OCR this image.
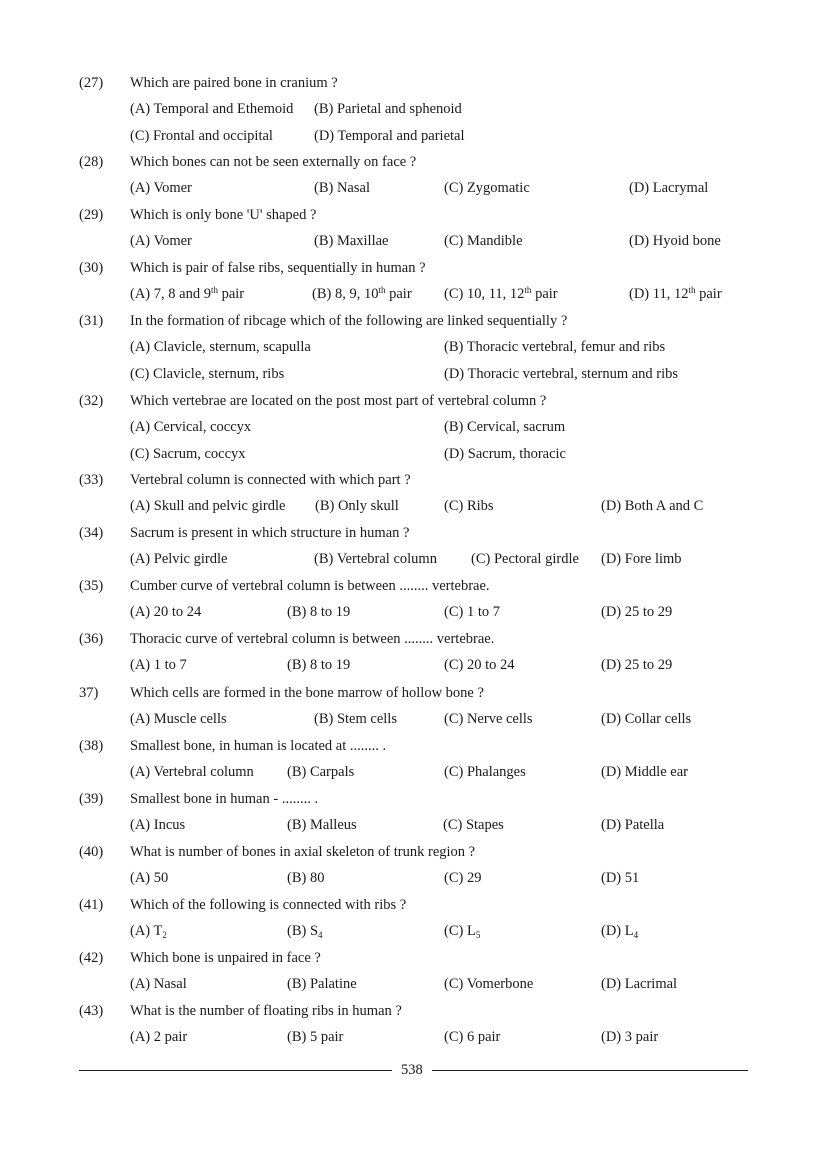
(27) Which are paired bone in cranium ?
(A) Temporal and Ethemoid (B) Parietal and sphenoid
(C) Frontal and occipital	(D) Temporal and parietal
(28) Which bones can not be seen externally on face ?
(A) Vomer	(B) Nasal	(C) Zygomatic	(D) Lacrymal
(29) Which is only bone 'U' shaped ?
(A) Vomer	(B) Maxillae	(C) Mandible	(D) Hyoid bone
(30) Which is pair of false ribs, sequentially in human ?
(A) 7, 8 and 9th pair	(B) 8, 9, 10th pair (C) 10, 11, 12th pair	(D) 11, 12th pair
(31) In the formation of ribcage which of the following are linked sequentially ?
(A) Clavicle, sternum, scapulla	(B) Thoracic vertebral, femur and ribs
(C) Clavicle, sternum, ribs	(D) Thoracic vertebral, sternum and ribs
(32) Which vertebrae are located on the post most part of vertebral column ?
(A) Cervical, coccyx	(B) Cervical, sacrum
(C) Sacrum, coccyx	(D) Sacrum, thoracic
(33) Vertebral column is connected with which part ?
(A) Skull and pelvic girdle (B) Only skull	(C) Ribs	(D) Both A and C
(34) Sacrum is present in which structure in human ?
(A) Pelvic girdle	(B) Vertebral column (C) Pectoral girdle (D) Fore limb
(35) Cumber curve of vertebral column is between ........ vertebrae.
(A) 20 to 24	(B) 8 to 19	(C) 1 to 7	(D) 25 to 29
(36) Thoracic curve of vertebral column is between ........ vertebrae.
(A) 1 to 7	(B) 8 to 19	(C) 20 to 24	(D) 25 to 29
37) Which cells are formed in the bone marrow of hollow bone ?
(A) Muscle cells	(B) Stem cells	(C) Nerve cells	(D) Collar cells
(38) Smallest bone, in human is located at ........ .
(A) Vertebral column (B) Carpals	(C) Phalanges	(D) Middle ear
(39) Smallest bone in human - ........ .
(A) Incus	(B) Malleus	(C) Stapes	(D) Patella
(40) What is number of bones in axial skeleton of trunk region ?
(A) 50	(B) 80	(C) 29	(D) 51
(41) Which of the following is connected with ribs ?
(A) $T_2$	(B) $S_4$	(C) $L_5$	(D) $L_4$
(42) Which bone is unpaired in face ?
(A) Nasal	(B) Palatine	(C) Vomerbone	(D) Lacrimal
(43) What is the number of floating ribs in human ?
(A) 2 pair	(B) 5 pair	(C) 6 pair	(D) 3 pair
538
